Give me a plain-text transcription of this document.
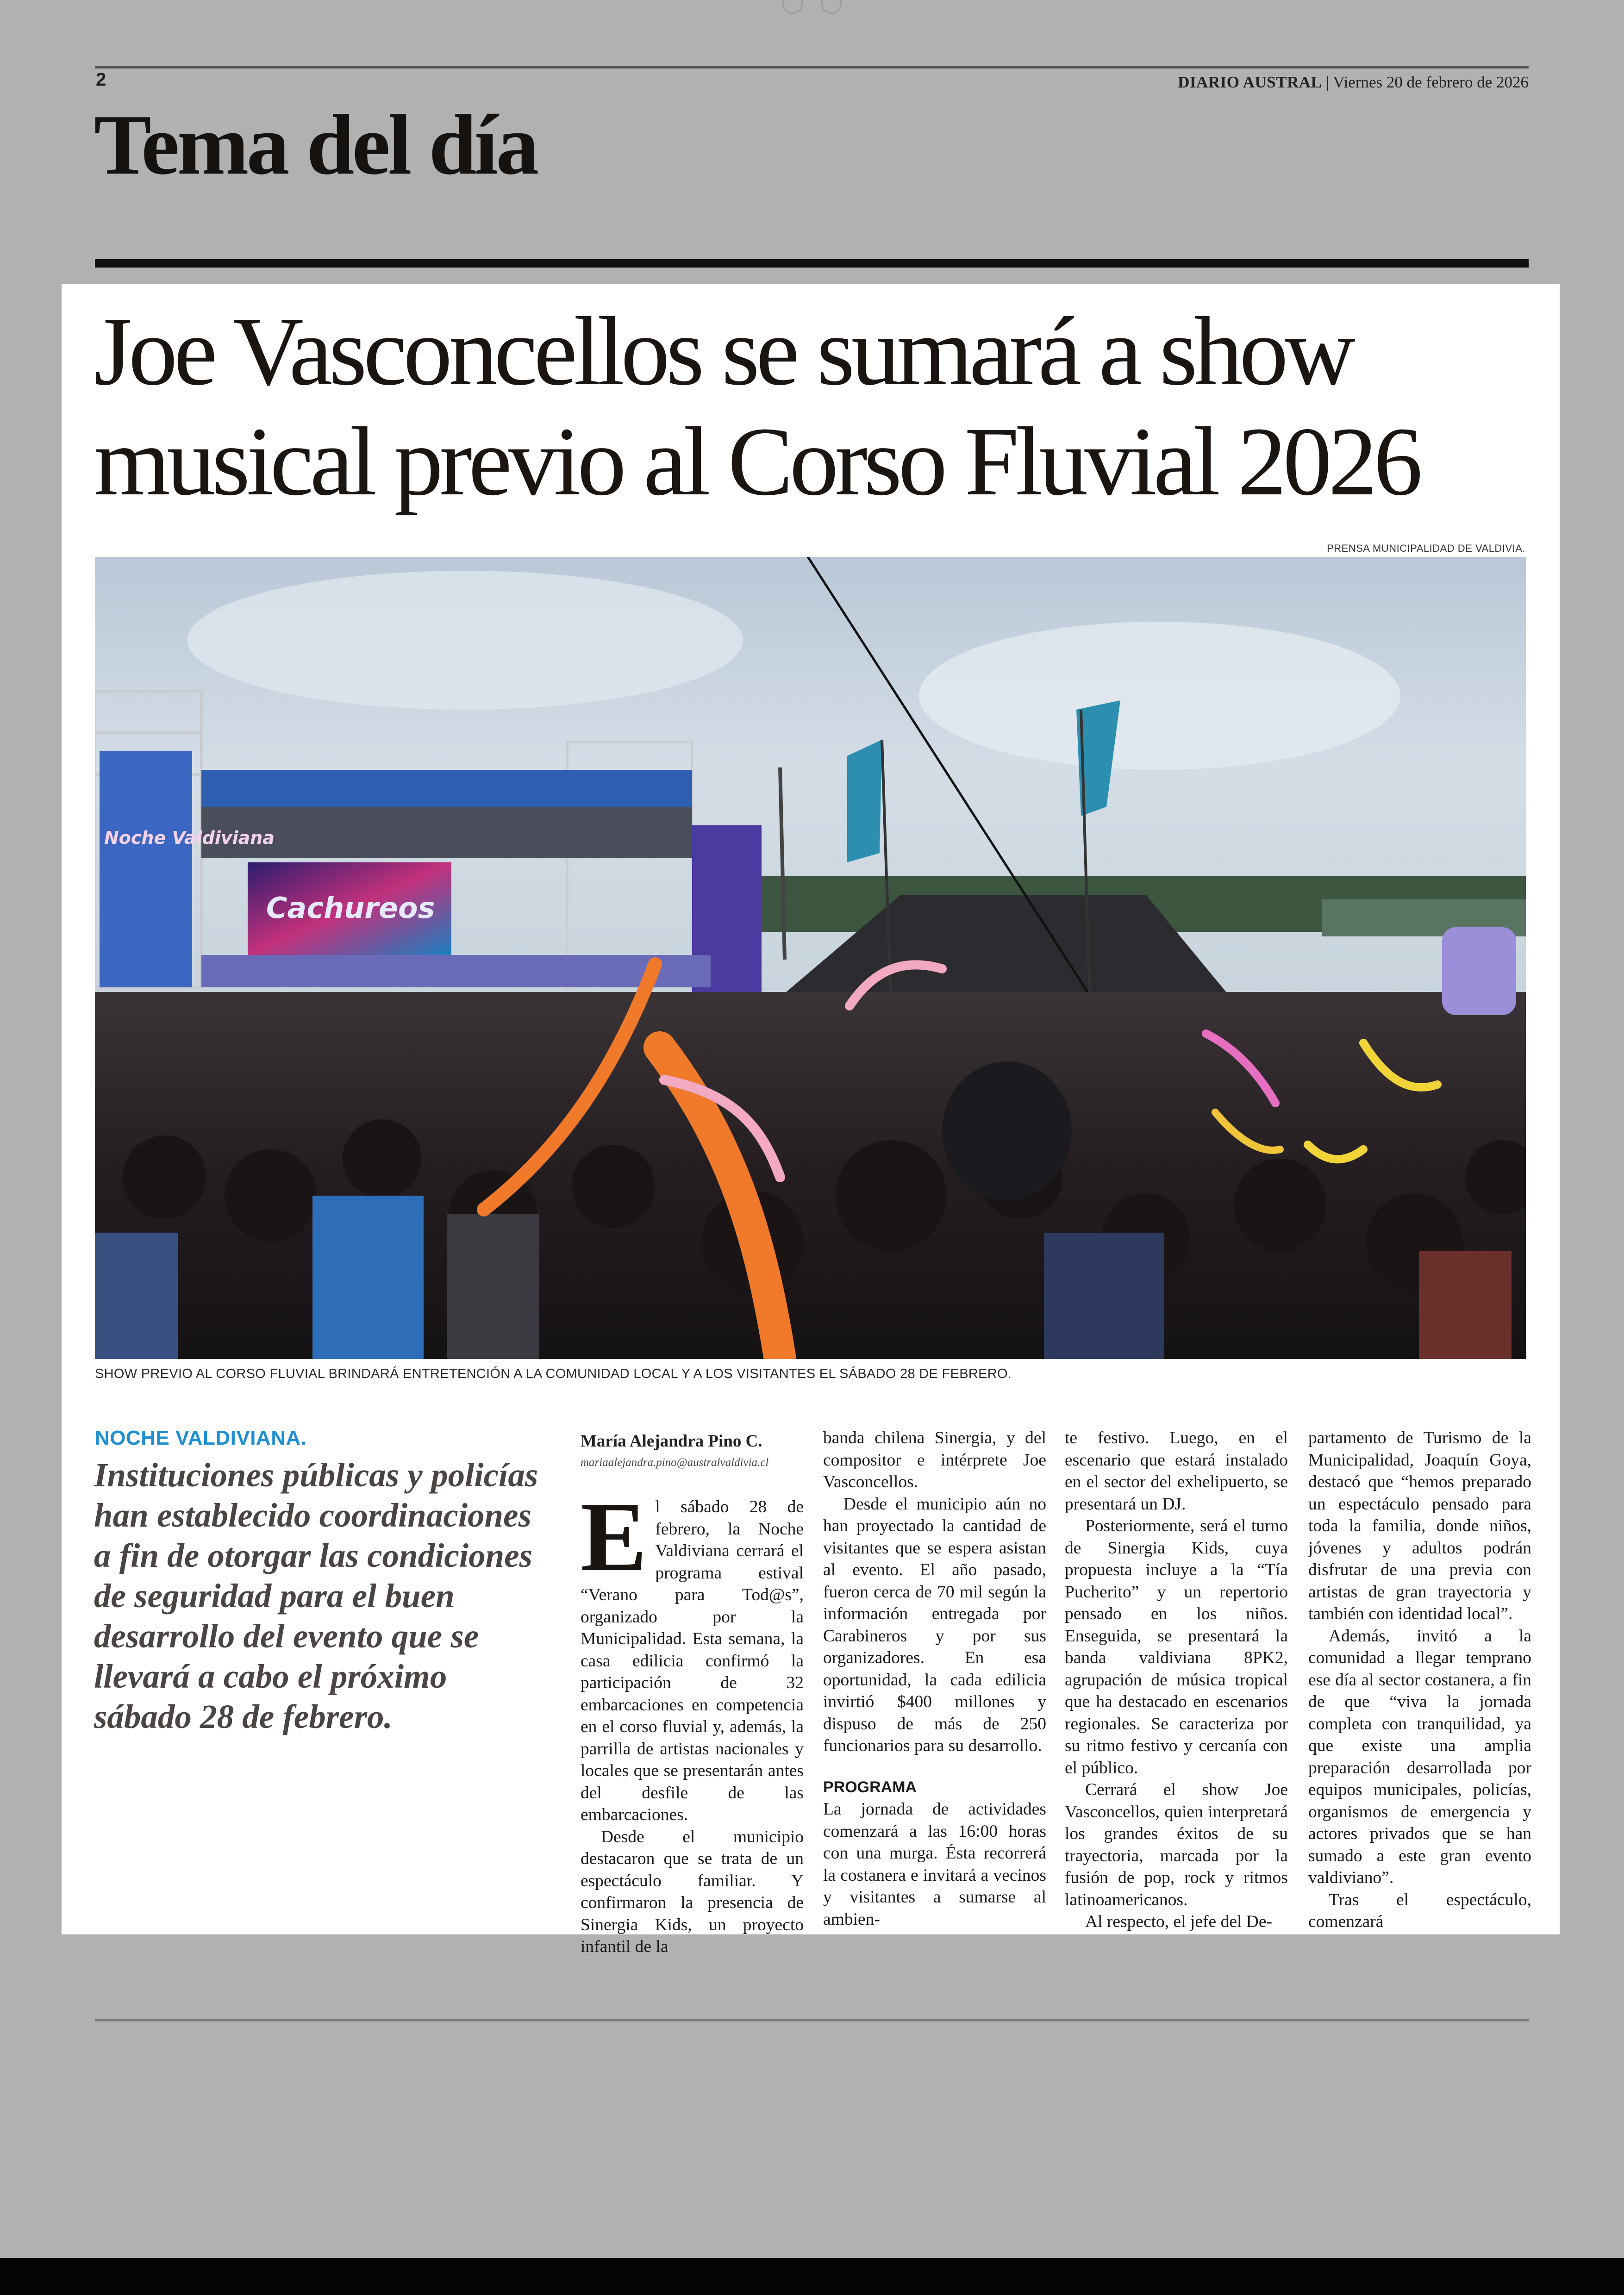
2	DIARIO AUSTRAL | Viernes 20 de febrero de 2026
Tema del día
Joe Vasconcellos se sumará a show
musical previo al Corso Fluvial 2026
PRENSA MUNICIPALIDAD DE VALDIVIA.
Cachureos
Noche Valdiviana
SHOW PREVIO AL CORSO FLUVIAL BRINDARÁ ENTRETENCIÓN A LA COMUNIDAD LOCAL Y A LOS VISITANTES EL SÁBADO 28 DE FEBRERO.
NOCHE VALDIVIANA.
Instituciones públicas y policías han establecido coordinaciones a fin de otorgar las condiciones de seguridad para el buen desarrollo del evento que se llevará a cabo el próximo sábado 28 de febrero.
María Alejandra Pino C.
mariaalejandra.pino@australvaldivia.cl
E l sábado 28 de febrero, la Noche Valdiviana cerrará el programa estival “Verano para Tod@s”, organizado por la Municipalidad. Esta semana, la casa edilicia confirmó la participación de 32 embarcaciones en competencia en el corso fluvial y, además, la parrilla de artistas nacionales y locales que se presentarán antes del desfile de las embarcaciones.

Desde el municipio destacaron que se trata de un espectáculo familiar. Y confirmaron la presencia de Sinergia Kids, un proyecto infantil de la

banda chilena Sinergia, y del compositor e intérprete Joe Vasconcellos.

Desde el municipio aún no han proyectado la cantidad de visitantes que se espera asistan al evento. El año pasado, fueron cerca de 70 mil según la información entregada por Carabineros y por sus organizadores. En esa oportunidad, la cada edilicia invirtió $400 millones y dispuso de más de 250 funcionarios para su desarrollo.

PROGRAMA

La jornada de actividades comenzará a las 16:00 horas con una murga. Ésta recorrerá la costanera e invitará a vecinos y visitantes a sumarse al ambien-

te festivo. Luego, en el escenario que estará instalado en el sector del exhelipuerto, se presentará un DJ.

Posteriormente, será el turno de Sinergia Kids, cuya propuesta incluye a la “Tía Pucherito” y un repertorio pensado en los niños. Enseguida, se presentará la banda valdiviana 8PK2, agrupación de música tropical que ha destacado en escenarios regionales. Se caracteriza por su ritmo festivo y cercanía con el público.

Cerrará el show Joe Vasconcellos, quien interpretará los grandes éxitos de su trayectoria, marcada por la fusión de pop, rock y ritmos latinoamericanos.

Al respecto, el jefe del De-

partamento de Turismo de la Municipalidad, Joaquín Goya, destacó que “hemos preparado un espectáculo pensado para toda la familia, donde niños, jóvenes y adultos podrán disfrutar de una previa con artistas de gran trayectoria y también con identidad local”.

Además, invitó a la comunidad a llegar temprano ese día al sector costanera, a fin de que “viva la jornada completa con tranquilidad, ya que existe una amplia preparación desarrollada por equipos municipales, policías, organismos de emergencia y actores privados que se han sumado a este gran evento valdiviano”.

Tras el espectáculo, comenzará
